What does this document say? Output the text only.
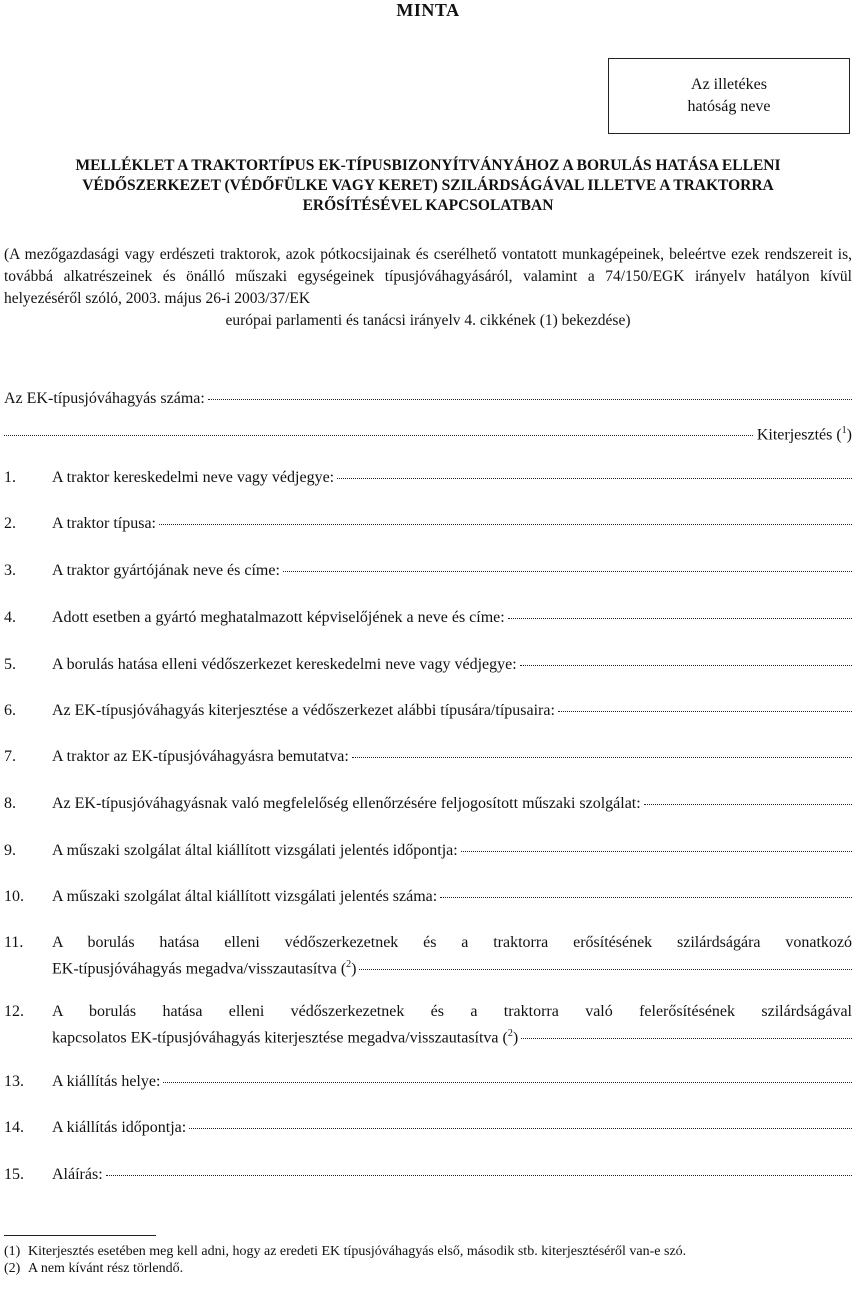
MINTA
Az illetékes
hatóság neve
MELLÉKLET A TRAKTORTÍPUS EK-TÍPUSBIZONYÍTVÁNYÁHOZ A BORULÁS HATÁSA ELLENI
VÉDŐSZERKEZET (VÉDŐFÜLKE VAGY KERET) SZILÁRDSÁGÁVAL ILLETVE A TRAKTORRA
ERŐSÍTÉSÉVEL KAPCSOLATBAN
(A mezőgazdasági vagy erdészeti traktorok, azok pótkocsijainak és cserélhető vontatott munkagépeinek, beleértve ezek rendszereit is, továbbá alkatrészeinek és önálló műszaki egységeinek típusjóváhagyásáról, valamint a 74/150/EGK irányelv hatályon kívül helyezéséről szóló, 2003. május 26-i 2003/37/EK
európai parlamenti és tanácsi irányelv 4. cikkének (1) bekezdése)
Az EK-típusjóváhagyás száma:
Kiterjesztés ($^1$)
1.	A traktor kereskedelmi neve vagy védjegye:
2.	A traktor típusa:
3.	A traktor gyártójának neve és címe:
4.	Adott esetben a gyártó meghatalmazott képviselőjének a neve és címe:
5.	A borulás hatása elleni védőszerkezet kereskedelmi neve vagy védjegye:
6.	Az EK-típusjóváhagyás kiterjesztése a védőszerkezet alábbi típusára/típusaira:
7.	A traktor az EK-típusjóváhagyásra bemutatva:
8.	Az EK-típusjóváhagyásnak való megfelelőség ellenőrzésére feljogosított műszaki szolgálat:
9.	A műszaki szolgálat által kiállított vizsgálati jelentés időpontja:
10.	A műszaki szolgálat által kiállított vizsgálati jelentés száma:
11.	A borulás hatása elleni védőszerkezetnek és a traktorra erősítésének szilárdságára vonatkozó
EK-típusjóváhagyás megadva/visszautasítva ($^2$)
12.	A borulás hatása elleni védőszerkezetnek és a traktorra való felerősítésének szilárdságával
kapcsolatos EK-típusjóváhagyás kiterjesztése megadva/visszautasítva ($^2$)
13.	A kiállítás helye:
14.	A kiállítás időpontja:
15.	Aláírás:
(1) Kiterjesztés esetében meg kell adni, hogy az eredeti EK típusjóváhagyás első, második stb. kiterjesztéséről van-e szó.
(2) A nem kívánt rész törlendő.
